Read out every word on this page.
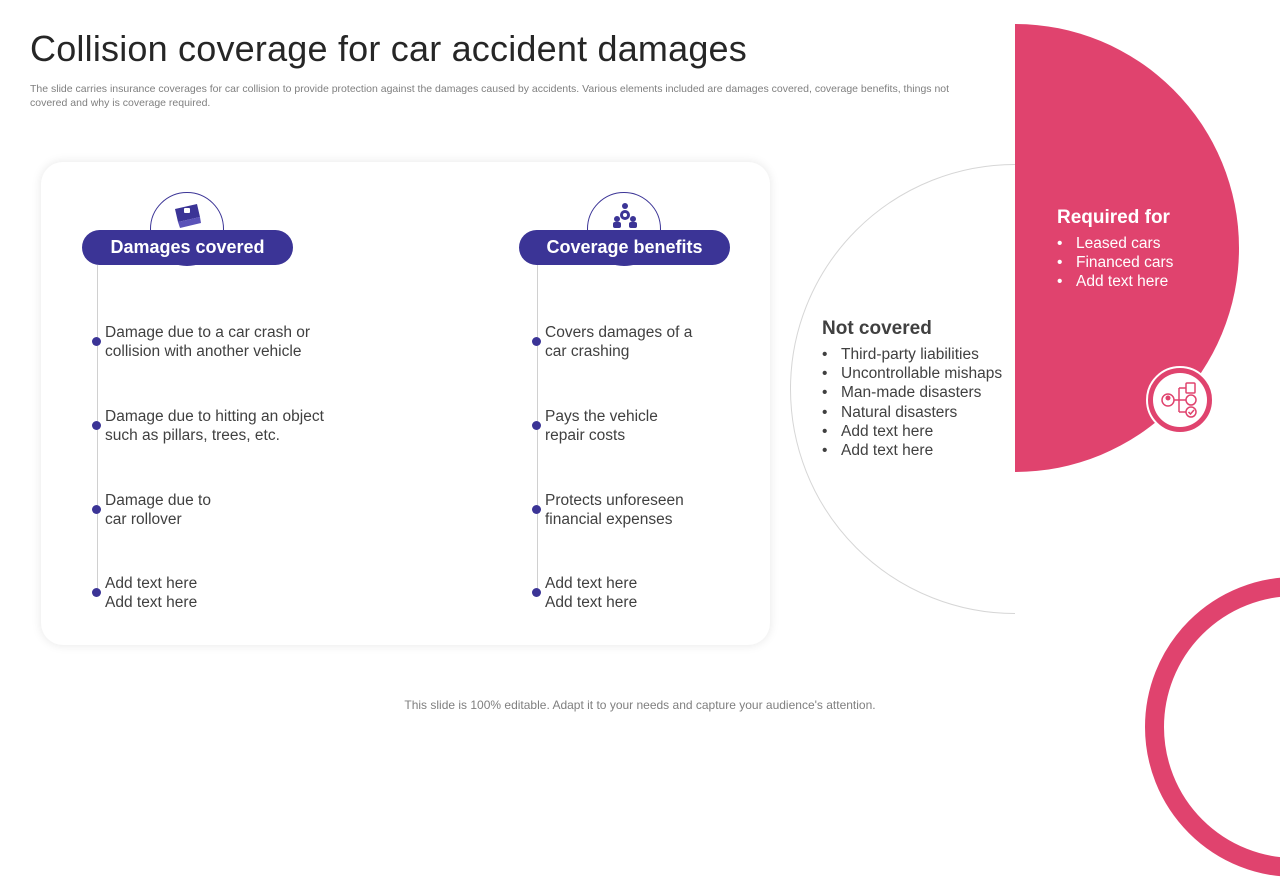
Collision coverage for car accident damages
The slide carries insurance coverages for car collision to provide protection against the damages caused by accidents. Various elements included are damages covered, coverage benefits, things not covered and why is coverage required.
Damages covered
Damage due to a car crash or
collision with another vehicle
Damage due to hitting an object
such as pillars, trees, etc.
Damage due to
car rollover
Add text here
Add text here
Coverage benefits
Covers damages of a
car crashing
Pays the vehicle
repair costs
Protects unforeseen
financial expenses
Add text here
Add text here
Not covered
• Third-party liabilities
• Uncontrollable mishaps
• Man-made disasters
• Natural disasters
• Add text here
• Add text here
Required for
• Leased cars
• Financed cars
• Add text here
This slide is 100% editable. Adapt it to your needs and capture your audience's attention.
